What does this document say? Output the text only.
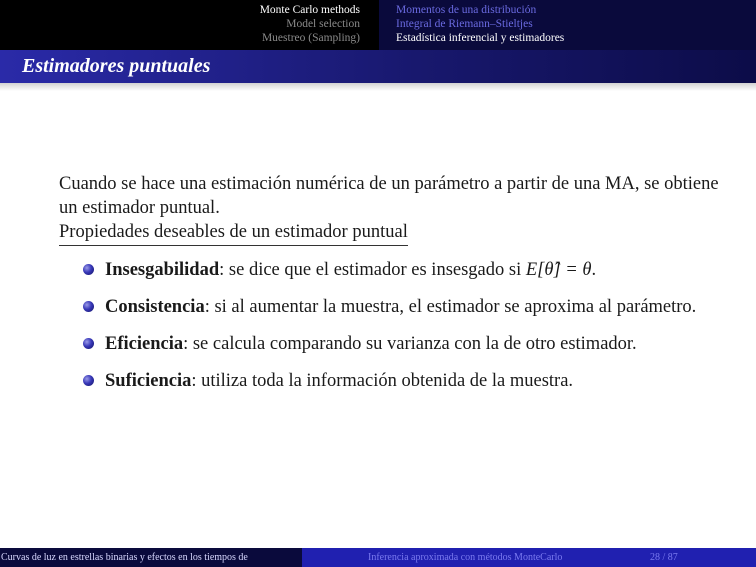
Monte Carlo methods
Model selection
Muestreo (Sampling)
Momentos de una distribución
Integral de Riemann–Stieltjes
Estadística inferencial y estimadores
Estimadores puntuales

Cuando se hace una estimación numérica de un parámetro a partir de una MA, se obtiene un estimador puntual.

Propiedades deseables de un estimador puntual
Insesgabilidad: se dice que el estimador es insesgado si E[θ̂] = θ.
Consistencia: si al aumentar la muestra, el estimador se aproxima al parámetro.
Eficiencia: se calcula comparando su varianza con la de otro estimador.
Suficiencia: utiliza toda la información obtenida de la muestra.
Curvas de luz en estrellas binarias y efectos en los tiempos de	Inferencia aproximada con métodos MonteCarlo	28 / 87
